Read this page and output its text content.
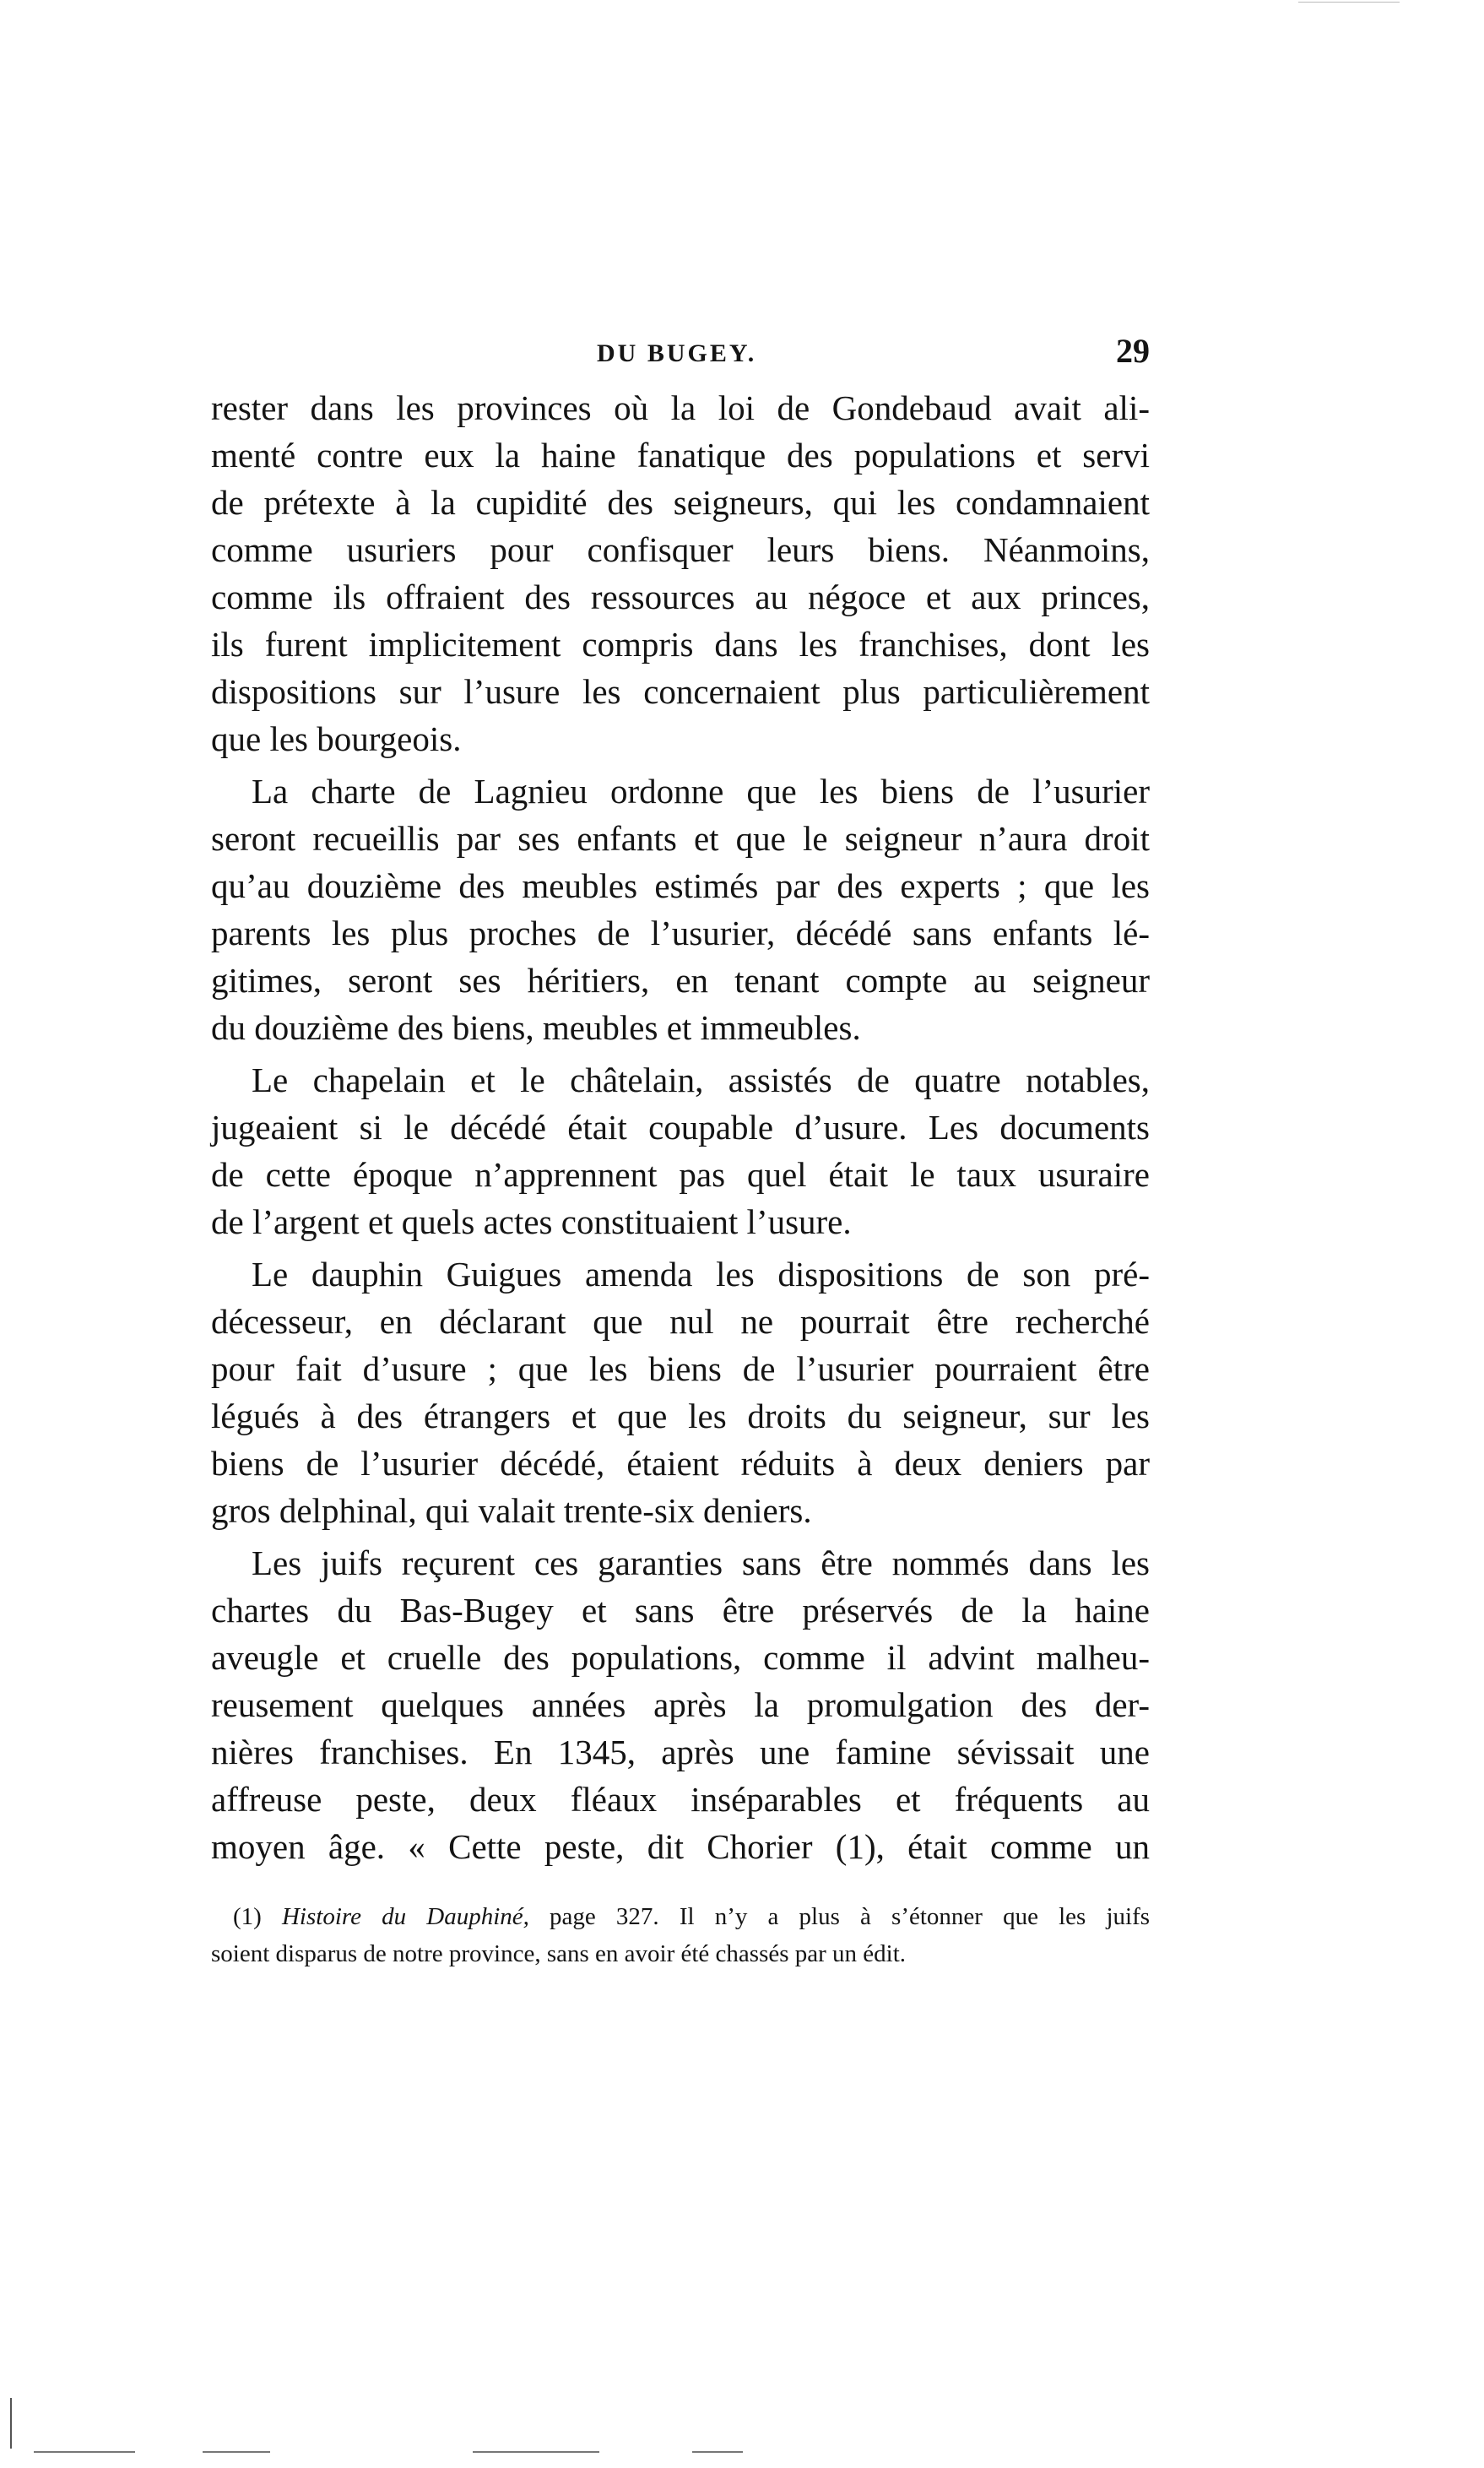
DU BUGEY.	29
rester dans les provinces où la loi de Gondebaud avait ali-
menté contre eux la haine fanatique des populations et servi
de prétexte à la cupidité des seigneurs, qui les condamnaient
comme usuriers pour confisquer leurs biens. Néanmoins,
comme ils offraient des ressources au négoce et aux princes,
ils furent implicitement compris dans les franchises, dont les
dispositions sur l’usure les concernaient plus particulièrement
que les bourgeois.
La charte de Lagnieu ordonne que les biens de l’usurier
seront recueillis par ses enfants et que le seigneur n’aura droit
qu’au douzième des meubles estimés par des experts ; que les
parents les plus proches de l’usurier, décédé sans enfants lé-
gitimes, seront ses héritiers, en tenant compte au seigneur
du douzième des biens, meubles et immeubles.
Le chapelain et le châtelain, assistés de quatre notables,
jugeaient si le décédé était coupable d’usure. Les documents
de cette époque n’apprennent pas quel était le taux usuraire
de l’argent et quels actes constituaient l’usure.
Le dauphin Guigues amenda les dispositions de son pré-
décesseur, en déclarant que nul ne pourrait être recherché
pour fait d’usure ; que les biens de l’usurier pourraient être
légués à des étrangers et que les droits du seigneur, sur les
biens de l’usurier décédé, étaient réduits à deux deniers par
gros delphinal, qui valait trente-six deniers.
Les juifs reçurent ces garanties sans être nommés dans les
chartes du Bas-Bugey et sans être préservés de la haine
aveugle et cruelle des populations, comme il advint malheu-
reusement quelques années après la promulgation des der-
nières franchises. En 1345, après une famine sévissait une
affreuse peste, deux fléaux inséparables et fréquents au
moyen âge. « Cette peste, dit Chorier (1), était comme un
(1) Histoire du Dauphiné, page 327. Il n’y a plus à s’étonner que les juifs
soient disparus de notre province, sans en avoir été chassés par un édit.
